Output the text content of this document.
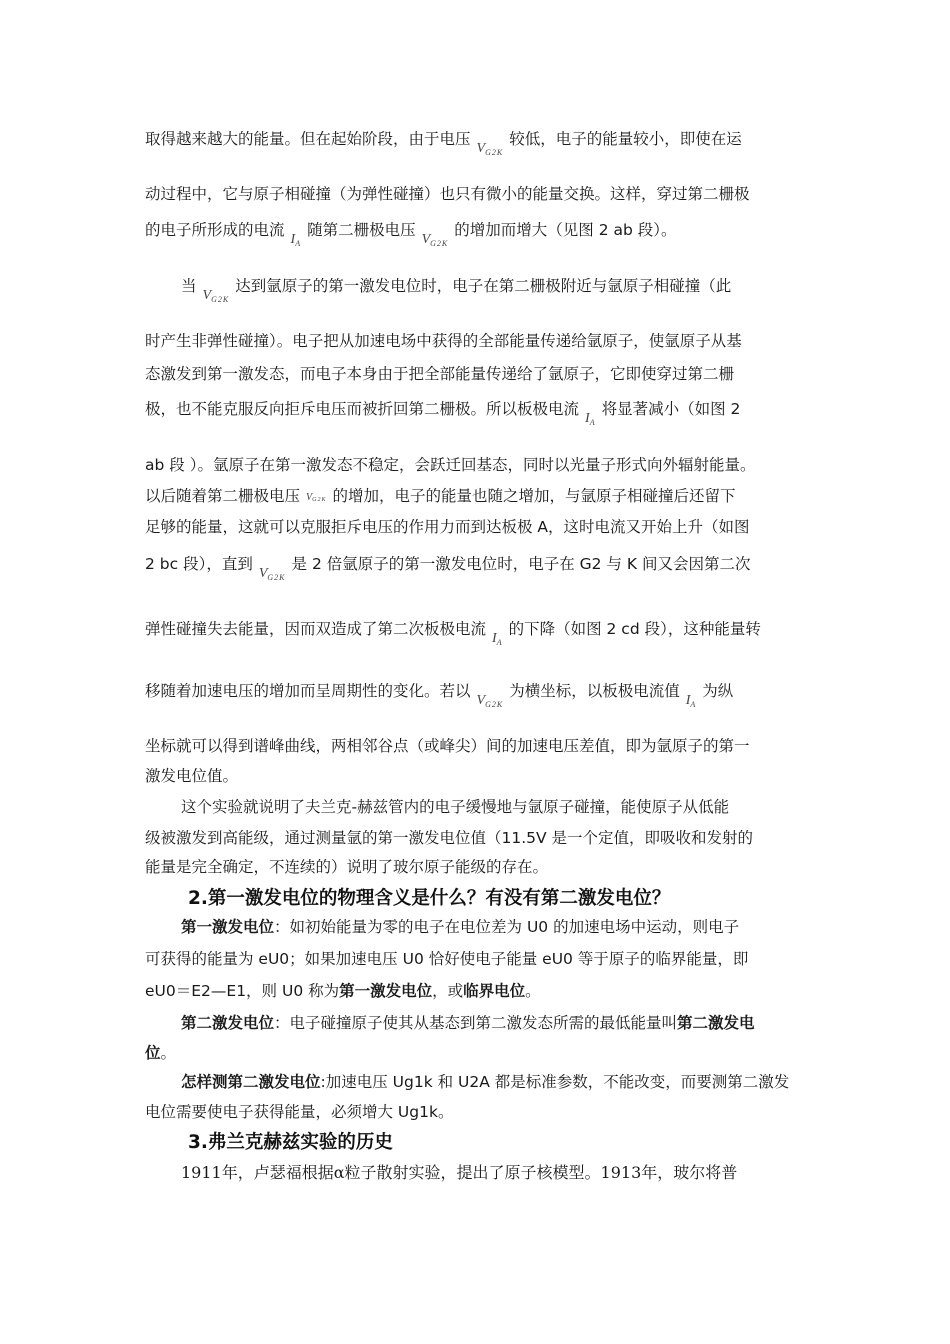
取得越来越大的能量。但在起始阶段，由于电压$V_{G2K}$较低，电子的能量较小，即使在运
动过程中，它与原子相碰撞（为弹性碰撞）也只有微小的能量交换。这样，穿过第二栅极
的电子所形成的电流$I_A$随第二栅极电压$V_{G2K}$的增加而增大（见图 2 ab 段）。
当$V_{G2K}$达到氩原子的第一激发电位时，电子在第二栅极附近与氩原子相碰撞（此
时产生非弹性碰撞）。电子把从加速电场中获得的全部能量传递给氩原子，使氩原子从基
态激发到第一激发态，而电子本身由于把全部能量传递给了氩原子，它即使穿过第二栅
极，也不能克服反向拒斥电压而被折回第二栅极。所以板极电流$I_A$将显著减小（如图 2
ab 段 ）。氩原子在第一激发态不稳定，会跃迁回基态，同时以光量子形式向外辐射能量。
以后随着第二栅极电压 VG2K 的增加，电子的能量也随之增加，与氩原子相碰撞后还留下
足够的能量，这就可以克服拒斥电压的作用力而到达板极 A，这时电流又开始上升（如图
2 bc 段），直到$V_{G2K}$是 2 倍氩原子的第一激发电位时，电子在 G2 与 K 间又会因第二次
弹性碰撞失去能量，因而双造成了第二次板极电流$I_A$的下降（如图 2 cd 段），这种能量转
移随着加速电压的增加而呈周期性的变化。若以$V_{G2K}$为横坐标，以板极电流值$I_A$为纵
坐标就可以得到谱峰曲线，两相邻谷点（或峰尖）间的加速电压差值，即为氩原子的第一
激发电位值。
这个实验就说明了夫兰克-赫兹管内的电子缓慢地与氩原子碰撞，能使原子从低能
级被激发到高能级，通过测量氩的第一激发电位值（11.5V 是一个定值，即吸收和发射的
能量是完全确定，不连续的）说明了玻尔原子能级的存在。
2.第一激发电位的物理含义是什么？有没有第二激发电位？
第一激发电位：如初始能量为零的电子在电位差为 U0 的加速电场中运动，则电子
可获得的能量为 eU0；如果加速电压 U0 恰好使电子能量 eU0 等于原子的临界能量，即
eU0＝E2—E1，则 U0 称为第一激发电位，或临界电位。
第二激发电位：电子碰撞原子使其从基态到第二激发态所需的最低能量叫第二激发电
位。
怎样测第二激发电位:加速电压 Ug1k 和 U2A 都是标准参数，不能改变，而要测第二激发
电位需要使电子获得能量，必须增大 Ug1k。
3.弗兰克赫兹实验的历史
1911年，卢瑟福根据α粒子散射实验，提出了原子核模型。1913年，玻尔将普
